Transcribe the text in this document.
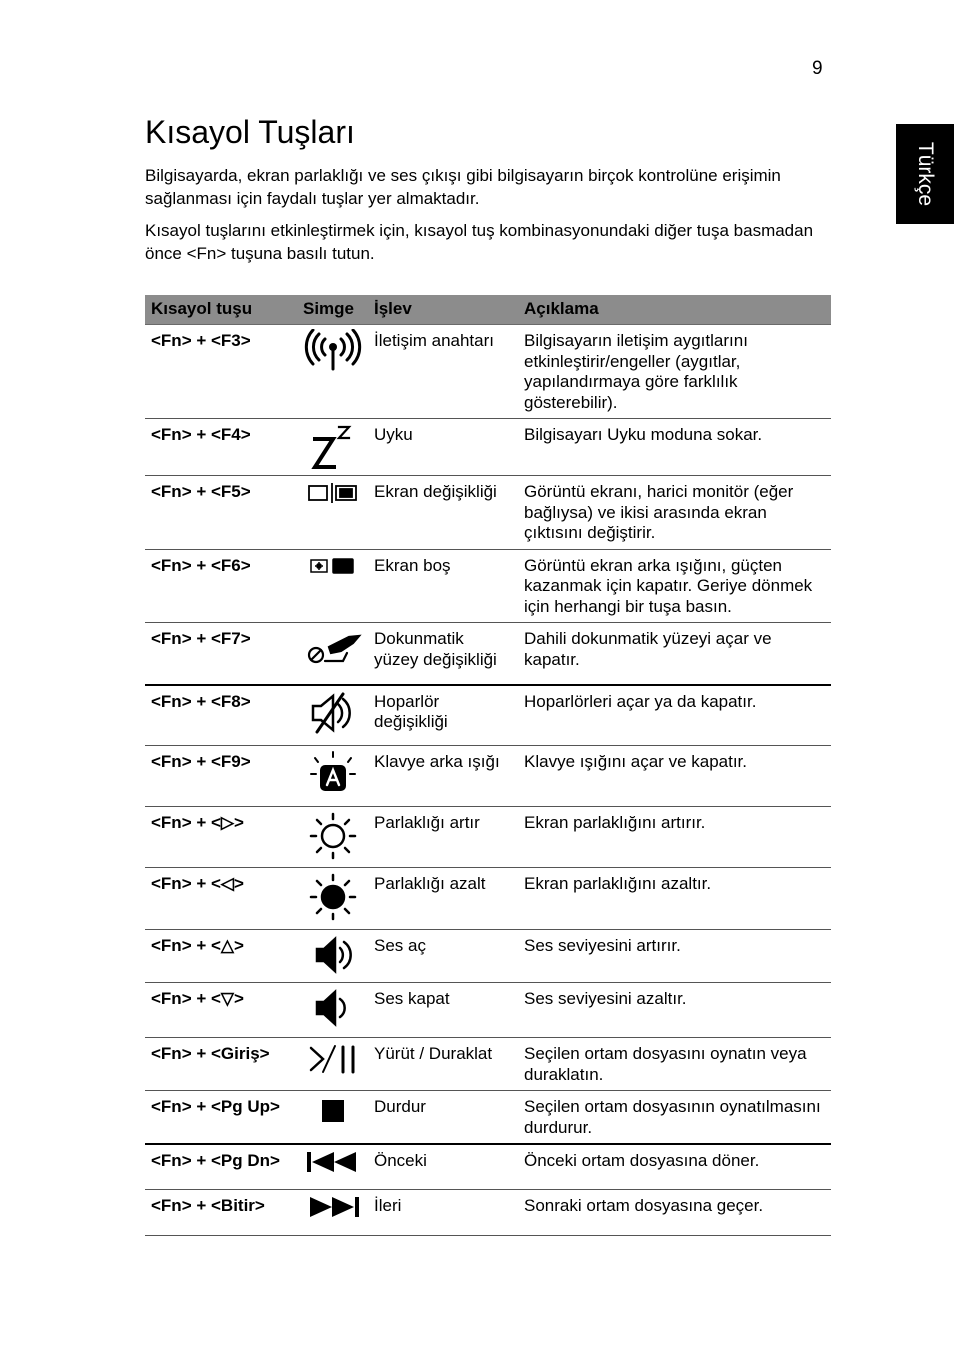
9
Türkçe
Kısayol Tuşları

Bilgisayarda, ekran parlaklığı ve ses çıkışı gibi bilgisayarın birçok kontrolüne erişimin sağlanması için faydalı tuşlar yer almaktadır.

Kısayol tuşlarını etkinleştirmek için, kısayol tuş kombinasyonundaki diğer tuşa basmadan önce <Fn> tuşuna basılı tutun.

Kısayol tuşu	Simge	İşlev	Açıklama
<Fn> + <F3>		İletişim anahtarı	Bilgisayarın iletişim aygıtlarını etkinleştirir/engeller (aygıtlar, yapılandırmaya göre farklılık gösterebilir).
<Fn> + <F4>		Uyku	Bilgisayarı Uyku moduna sokar.
<Fn> + <F5>		Ekran değişikliği	Görüntü ekranı, harici monitör (eğer bağlıysa) ve ikisi arasında ekran çıktısını değiştirir.
<Fn> + <F6>		Ekran boş	Görüntü ekran arka ışığını, güçten kazanmak için kapatır. Geriye dönmek için herhangi bir tuşa basın.
<Fn> + <F7>		Dokunmatik yüzey değişikliği	Dahili dokunmatik yüzeyi açar ve kapatır.
<Fn> + <F8>		Hoparlör değişikliği	Hoparlörleri açar ya da kapatır.
<Fn> + <F9>		Klavye arka ışığı	Klavye ışığını açar ve kapatır.
<Fn> + <▷>		Parlaklığı artır	Ekran parlaklığını artırır.
<Fn> + <◁>		Parlaklığı azalt	Ekran parlaklığını azaltır.
<Fn> + <△>		Ses aç	Ses seviyesini artırır.
<Fn> + <▽>		Ses kapat	Ses seviyesini azaltır.
<Fn> + <Giriş>		Yürüt / Duraklat	Seçilen ortam dosyasını oynatın veya duraklatın.
<Fn> + <Pg Up>		Durdur	Seçilen ortam dosyasının oynatılmasını durdurur.
<Fn> + <Pg Dn>		Önceki	Önceki ortam dosyasına döner.
<Fn> + <Bitir>		İleri	Sonraki ortam dosyasına geçer.
